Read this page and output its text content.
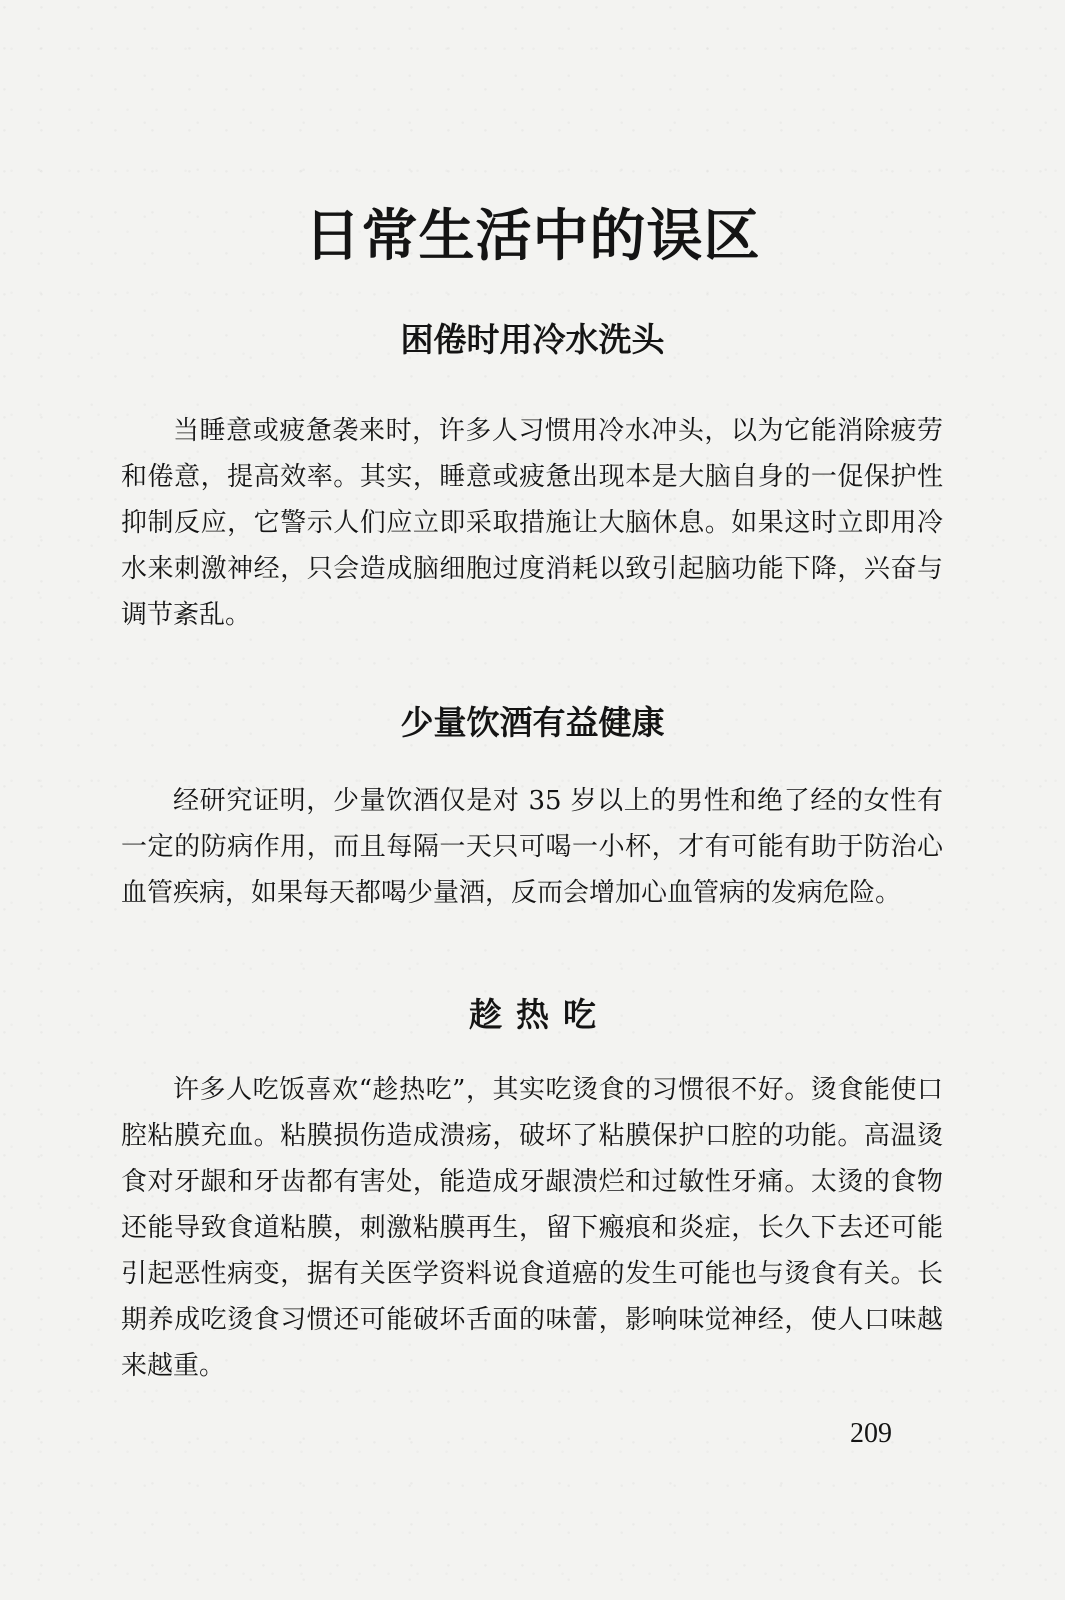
日常生活中的误区
困倦时用冷水洗头

当睡意或疲惫袭来时，许多人习惯用冷水冲头，以为它能消除疲劳和倦意，提高效率。其实，睡意或疲惫出现本是大脑自身的一促保护性抑制反应，它警示人们应立即采取措施让大脑休息。如果这时立即用冷水来刺激神经，只会造成脑细胞过度消耗以致引起脑功能下降，兴奋与调节紊乱。

少量饮酒有益健康

经研究证明，少量饮酒仅是对 35 岁以上的男性和绝了经的女性有一定的防病作用，而且每隔一天只可喝一小杯，才有可能有助于防治心血管疾病，如果每天都喝少量酒，反而会增加心血管病的发病危险。

趁热吃

许多人吃饭喜欢“趁热吃”，其实吃烫食的习惯很不好。烫食能使口腔粘膜充血。粘膜损伤造成溃疡，破坏了粘膜保护口腔的功能。高温烫食对牙龈和牙齿都有害处，能造成牙龈溃烂和过敏性牙痛。太烫的食物还能导致食道粘膜，刺激粘膜再生，留下瘢痕和炎症，长久下去还可能引起恶性病变，据有关医学资料说食道癌的发生可能也与烫食有关。长期养成吃烫食习惯还可能破坏舌面的味蕾，影响味觉神经，使人口味越来越重。

209
